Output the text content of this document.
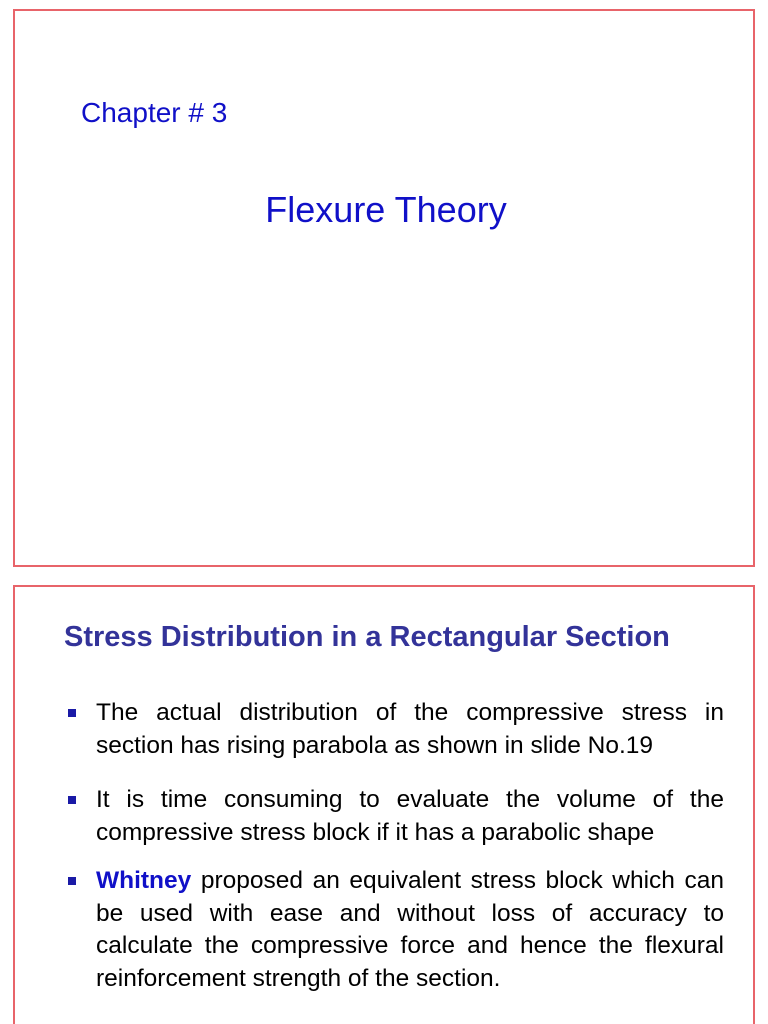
Chapter # 3
Flexure Theory
Stress Distribution in a Rectangular Section
The actual distribution of the compressive stress in section has rising parabola as shown in slide No.19
It is time consuming to evaluate the volume of the compressive stress block if it has a parabolic shape
Whitney proposed an equivalent stress block which can be used with ease and without loss of accuracy to calculate the compressive force and hence the flexural reinforcement strength of the section.
